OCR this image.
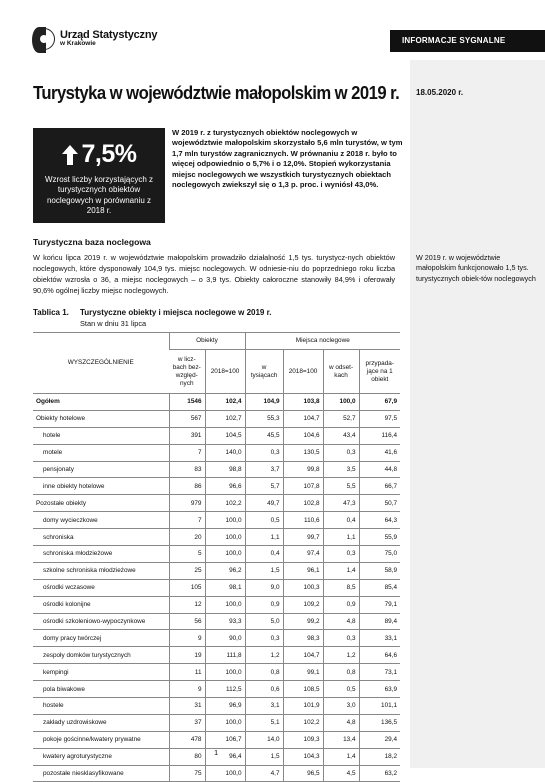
Urząd Statystyczny
w Krakowie	INFORMACJE SYGNALNE
Turystyka w województwie małopolskim w 2019 r. 18.05.2020 r.
7,5%
Wzrost liczby korzystających z turystycznych obiektów noclegowych w porównaniu z 2018 r.
W 2019 r. z turystycznych obiektów noclegowych w województwie małopolskim skorzystało 5,6 mln turystów, w tym 1,7 mln turystów zagranicznych. W prównaniu z 2018 r. było to więcej odpowiednio o 5,7% i o 12,0%. Stopień wykorzystania miejsc noclegowych we wszystkich turystycznych obiektach noclegowych zwiekszył się o 1,3 p. proc. i wyniósł 43,0%.
Turystyczna baza noclegowa
W końcu lipca 2019 r. w województwie małopolskim prowadziło działalność 1,5 tys. turystycz-nych obiektów noclegowych, które dysponowały 104,9 tys. miejsc noclegowych. W odniesie-niu do poprzedniego roku liczba obiektów wzrosła o 36, a miejsc noclegowych – o 3,9 tys. Obiekty całoroczne stanowiły 84,9% i oferowały 90,6% ogólnej liczby miejsc noclegowych.
W 2019 r. w województwie małopolskim funkcjonowało 1,5 tys. turystycznych obiek-tów noclegowych
Tablica 1. Turystyczne obiekty i miejsca noclegowe w 2019 r.
Stan w dniu 31 lipca
WYSZCZEGÓLNIENIE	Obiekty		Miejsca noclegowe			
	w licz-bach bez-względ-nych	2018=100	w tysiącach	2018=100	w odset-kach	przypada-jące na 1 obiekt
Ogółem	1546	102,4	104,9	103,8	100,0	67,9
Obiekty hotelowe	567	102,7	55,3	104,7	52,7	97,5
hotele	391	104,5	45,5	104,6	43,4	116,4
motele	7	140,0	0,3	130,5	0,3	41,6
pensjonaty	83	98,8	3,7	99,8	3,5	44,8
inne obiekty hotelowe	86	96,6	5,7	107,8	5,5	66,7
Pozostałe obiekty	979	102,2	49,7	102,8	47,3	50,7
domy wycieczkowe	7	100,0	0,5	110,6	0,4	64,3
schroniska	20	100,0	1,1	99,7	1,1	55,9
schroniska młodzieżowe	5	100,0	0,4	97,4	0,3	75,0
szkolne schroniska młodzieżowe	25	96,2	1,5	96,1	1,4	58,9
ośrodki wczasowe	105	98,1	9,0	100,3	8,5	85,4
ośrodki kolonijne	12	100,0	0,9	109,2	0,9	79,1
ośrodki szkoleniowo-wypoczynkowe	56	93,3	5,0	99,2	4,8	89,4
domy pracy twórczej	9	90,0	0,3	98,3	0,3	33,1
zespoły domków turystycznych	19	111,8	1,2	104,7	1,2	64,6
kempingi	11	100,0	0,8	99,1	0,8	73,1
pola biwakowe	9	112,5	0,6	108,5	0,5	63,9
hostele	31	96,9	3,1	101,9	3,0	101,1
zakłady uzdrowiskowe	37	100,0	5,1	102,2	4,8	136,5
pokoje gościnne/kwatery prywatne	478	106,7	14,0	109,3	13,4	29,4
kwatery agroturystyczne	80	96,4	1,5	104,3	1,4	18,2
pozostałe niesklasyfikowane	75	100,0	4,7	96,5	4,5	63,2
1
